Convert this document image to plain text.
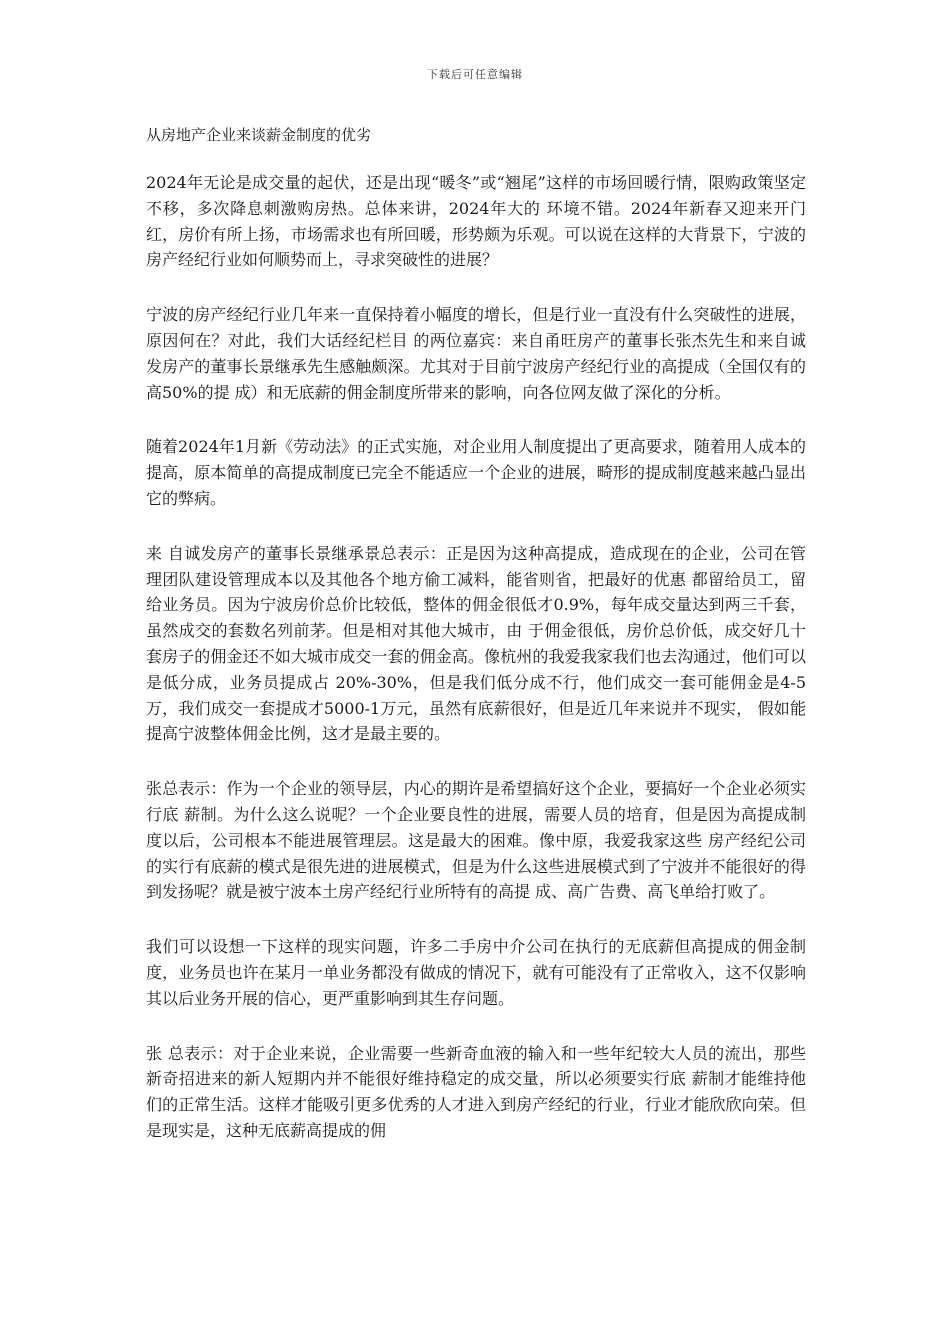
下载后可任意编辑
从房地产企业来谈薪金制度的优劣

2024年无论是成交量的起伏，还是出现“暖冬”或“翘尾”这样的市场回暖行情，限购政策坚定不移，多次降息刺激购房热。总体来讲，2024年大的 环境不错。2024年新春又迎来开门红，房价有所上扬，市场需求也有所回暖，形势颇为乐观。可以说在这样的大背景下，宁波的房产经纪行业如何顺势而上，寻求突破性的进展？

宁波的房产经纪行业几年来一直保持着小幅度的增长，但是行业一直没有什么突破性的进展，原因何在？对此，我们大话经纪栏目 的两位嘉宾：来自甬旺房产的董事长张杰先生和来自诚发房产的董事长景继承先生感触颇深。尤其对于目前宁波房产经纪行业的高提成（全国仅有的高50%的提 成）和无底薪的佣金制度所带来的影响，向各位网友做了深化的分析。

随着2024年1月新《劳动法》的正式实施，对企业用人制度提出了更高要求，随着用人成本的提高，原本简单的高提成制度已完全不能适应一个企业的进展，畸形的提成制度越来越凸显出它的弊病。

来 自诚发房产的董事长景继承景总表示：正是因为这种高提成，造成现在的企业，公司在管理团队建设管理成本以及其他各个地方偷工减料，能省则省，把最好的优惠 都留给员工，留给业务员。因为宁波房价总价比较低，整体的佣金很低才0.9%，每年成交量达到两三千套，虽然成交的套数名列前茅。但是相对其他大城市，由 于佣金很低，房价总价低，成交好几十套房子的佣金还不如大城市成交一套的佣金高。像杭州的我爱我家我们也去沟通过，他们可以是低分成，业务员提成占 20%-30%，但是我们低分成不行，他们成交一套可能佣金是4-5万，我们成交一套提成才5000-1万元，虽然有底薪很好，但是近几年来说并不现实， 假如能提高宁波整体佣金比例，这才是最主要的。

张总表示：作为一个企业的领导层，内心的期许是希望搞好这个企业，要搞好一个企业必须实行底 薪制。为什么这么说呢？一个企业要良性的进展，需要人员的培育，但是因为高提成制度以后，公司根本不能进展管理层。这是最大的困难。像中原，我爱我家这些 房产经纪公司的实行有底薪的模式是很先进的进展模式，但是为什么这些进展模式到了宁波并不能很好的得到发扬呢？就是被宁波本土房产经纪行业所特有的高提 成、高广告费、高飞单给打败了。

我们可以设想一下这样的现实问题，许多二手房中介公司在执行的无底薪但高提成的佣金制度，业务员也许在某月一单业务都没有做成的情况下，就有可能没有了正常收入，这不仅影响其以后业务开展的信心，更严重影响到其生存问题。

张 总表示：对于企业来说，企业需要一些新奇血液的输入和一些年纪较大人员的流出，那些新奇招进来的新人短期内并不能很好维持稳定的成交量，所以必须要实行底 薪制才能维持他们的正常生活。这样才能吸引更多优秀的人才进入到房产经纪的行业，行业才能欣欣向荣。但是现实是，这种无底薪高提成的佣
